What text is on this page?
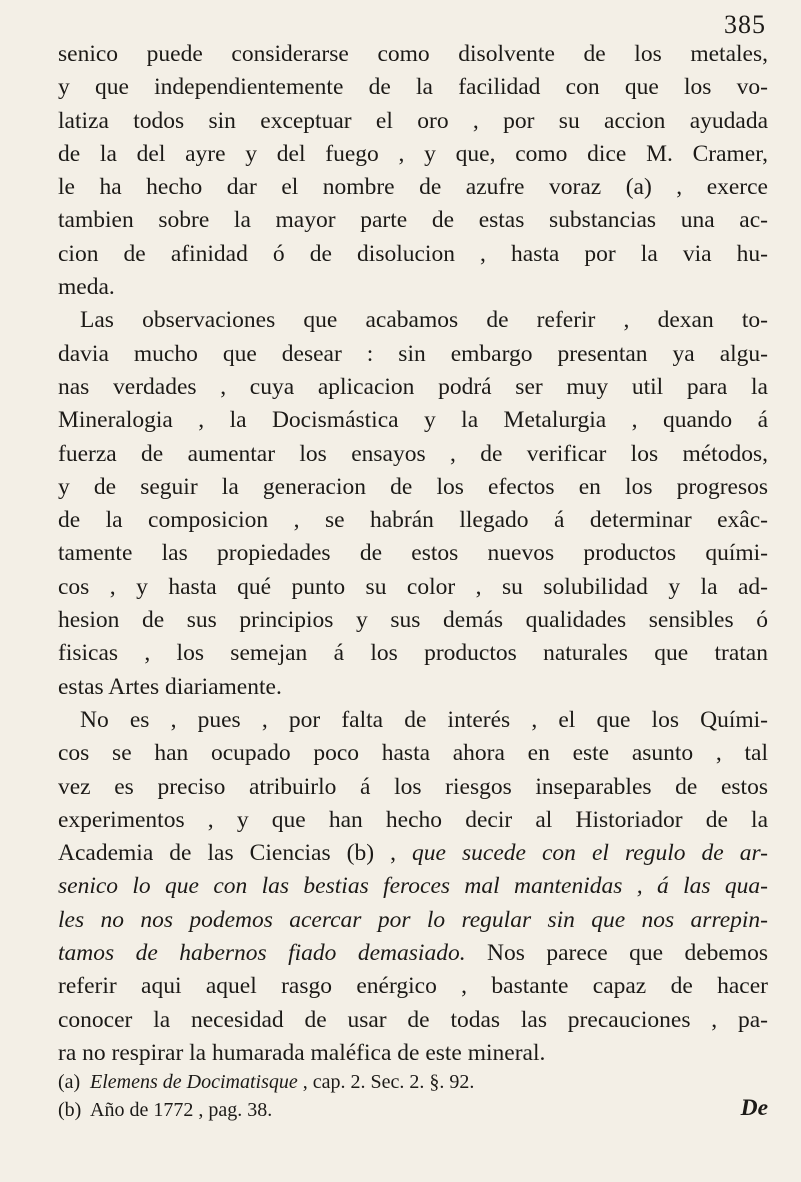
385
senico puede considerarse como disolvente de los metales,
y que independientemente de la facilidad con que los vo-
latiza todos sin exceptuar el oro , por su accion ayudada
de la del ayre y del fuego , y que, como dice M. Cramer,
le ha hecho dar el nombre de azufre voraz (a) , exerce
tambien sobre la mayor parte de estas substancias una ac-
cion de afinidad ó de disolucion , hasta por la via hu-
meda.
Las observaciones que acabamos de referir , dexan to-
davia mucho que desear : sin embargo presentan ya algu-
nas verdades , cuya aplicacion podrá ser muy util para la
Mineralogia , la Docismástica y la Metalurgia , quando á
fuerza de aumentar los ensayos , de verificar los métodos,
y de seguir la generacion de los efectos en los progresos
de la composicion , se habrán llegado á determinar exâc-
tamente las propiedades de estos nuevos productos quími-
cos , y hasta qué punto su color , su solubilidad y la ad-
hesion de sus principios y sus demás qualidades sensibles ó
fisicas , los semejan á los productos naturales que tratan
estas Artes diariamente.
No es , pues , por falta de interés , el que los Quími-
cos se han ocupado poco hasta ahora en este asunto , tal
vez es preciso atribuirlo á los riesgos inseparables de estos
experimentos , y que han hecho decir al Historiador de la
Academia de las Ciencias (b) , que sucede con el regulo de ar-
senico lo que con las bestias feroces mal mantenidas , á las qua-
les no nos podemos acercar por lo regular sin que nos arrepin-
tamos de habernos fiado demasiado. Nos parece que debemos
referir aqui aquel rasgo enérgico , bastante capaz de hacer
conocer la necesidad de usar de todas las precauciones , pa-
ra no respirar la humarada maléfica de este mineral.
De
(a) Elemens de Docimatisque , cap. 2. Sec. 2. §. 92.
(b) Año de 1772 , pag. 38.
